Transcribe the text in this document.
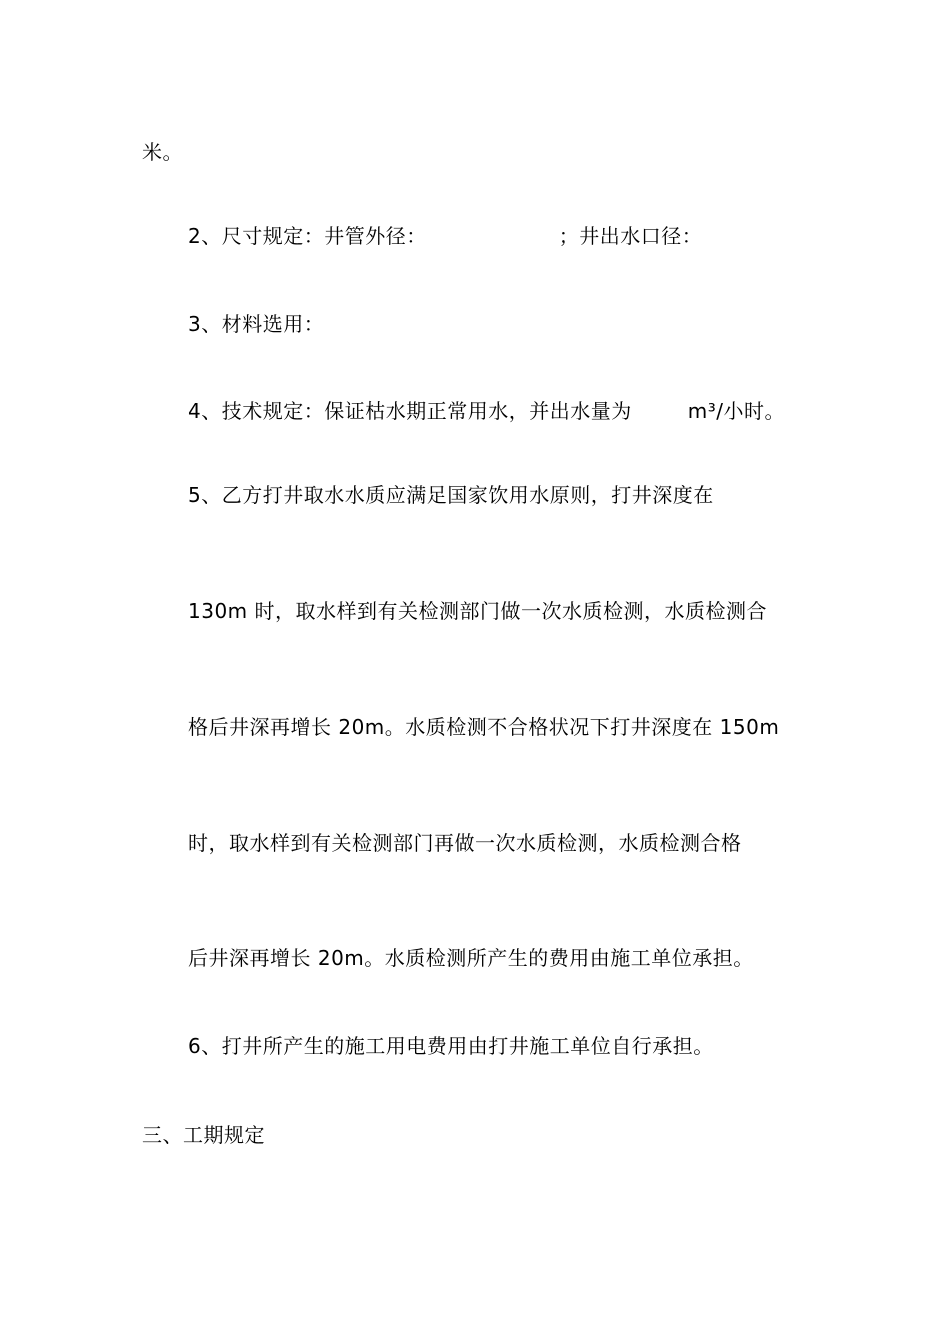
米。
2、尺寸规定：井管外径：	；井出水口径：
3、材料选用：
4、技术规定：保证枯水期正常用水，并出水量为	m³/小时。
5、乙方打井取水水质应满足国家饮用水原则，打井深度在
130m 时，取水样到有关检测部门做一次水质检测，水质检测合
格后井深再增长 20m。水质检测不合格状况下打井深度在 150m
时，取水样到有关检测部门再做一次水质检测，水质检测合格
后井深再增长 20m。水质检测所产生的费用由施工单位承担。
6、打井所产生的施工用电费用由打井施工单位自行承担。
三、工期规定
